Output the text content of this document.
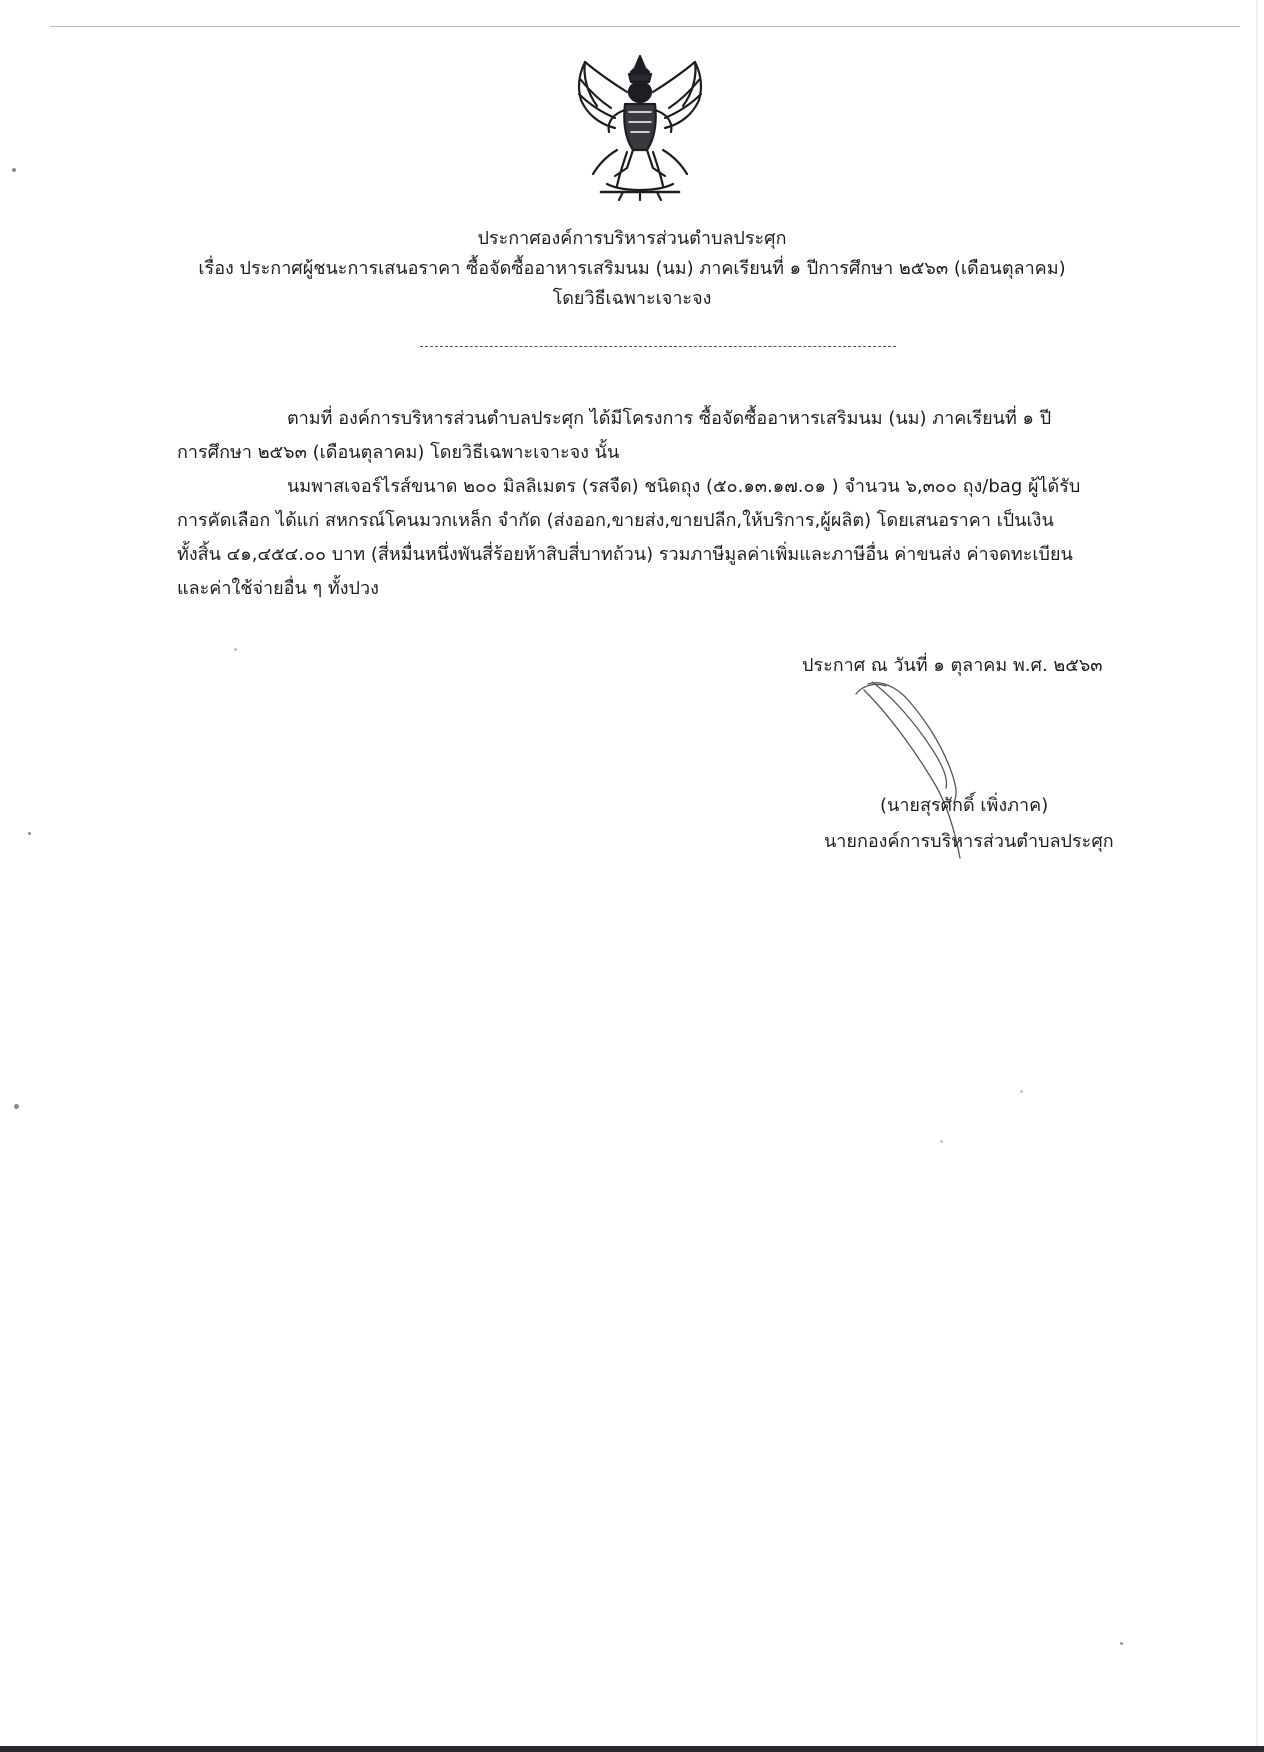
ประกาศองค์การบริหารส่วนตำบลประศุก
เรื่อง ประกาศผู้ชนะการเสนอราคา ซื้อจัดซื้ออาหารเสริมนม (นม) ภาคเรียนที่ ๑ ปีการศึกษา ๒๕๖๓ (เดือนตุลาคม)
โดยวิธีเฉพาะเจาะจง

ตามที่ องค์การบริหารส่วนตำบลประศุก ได้มีโครงการ ซื้อจัดซื้ออาหารเสริมนม (นม) ภาคเรียนที่ ๑ ปี

การศึกษา ๒๕๖๓ (เดือนตุลาคม) โดยวิธีเฉพาะเจาะจง นั้น

นมพาสเจอร์ไรส์ขนาด ๒๐๐ มิลลิเมตร (รสจืด) ชนิดถุง (๕๐.๑๓.๑๗.๐๑ ) จำนวน ๖,๓๐๐ ถุง/bag ผู้ได้รับ

การคัดเลือก ได้แก่ สหกรณ์โคนมวกเหล็ก จำกัด (ส่งออก,ขายส่ง,ขายปลีก,ให้บริการ,ผู้ผลิต) โดยเสนอราคา เป็นเงิน

ทั้งสิ้น ๔๑,๔๕๔.๐๐ บาท (สี่หมื่นหนึ่งพันสี่ร้อยห้าสิบสี่บาทถ้วน) รวมภาษีมูลค่าเพิ่มและภาษีอื่น ค่าขนส่ง ค่าจดทะเบียน

และค่าใช้จ่ายอื่น ๆ ทั้งปวง

ประกาศ ณ วันที่ ๑ ตุลาคม พ.ศ. ๒๕๖๓
(นายสุรศักดิ์ เพิ่งภาค)
นายกองค์การบริหารส่วนตำบลประศุก
